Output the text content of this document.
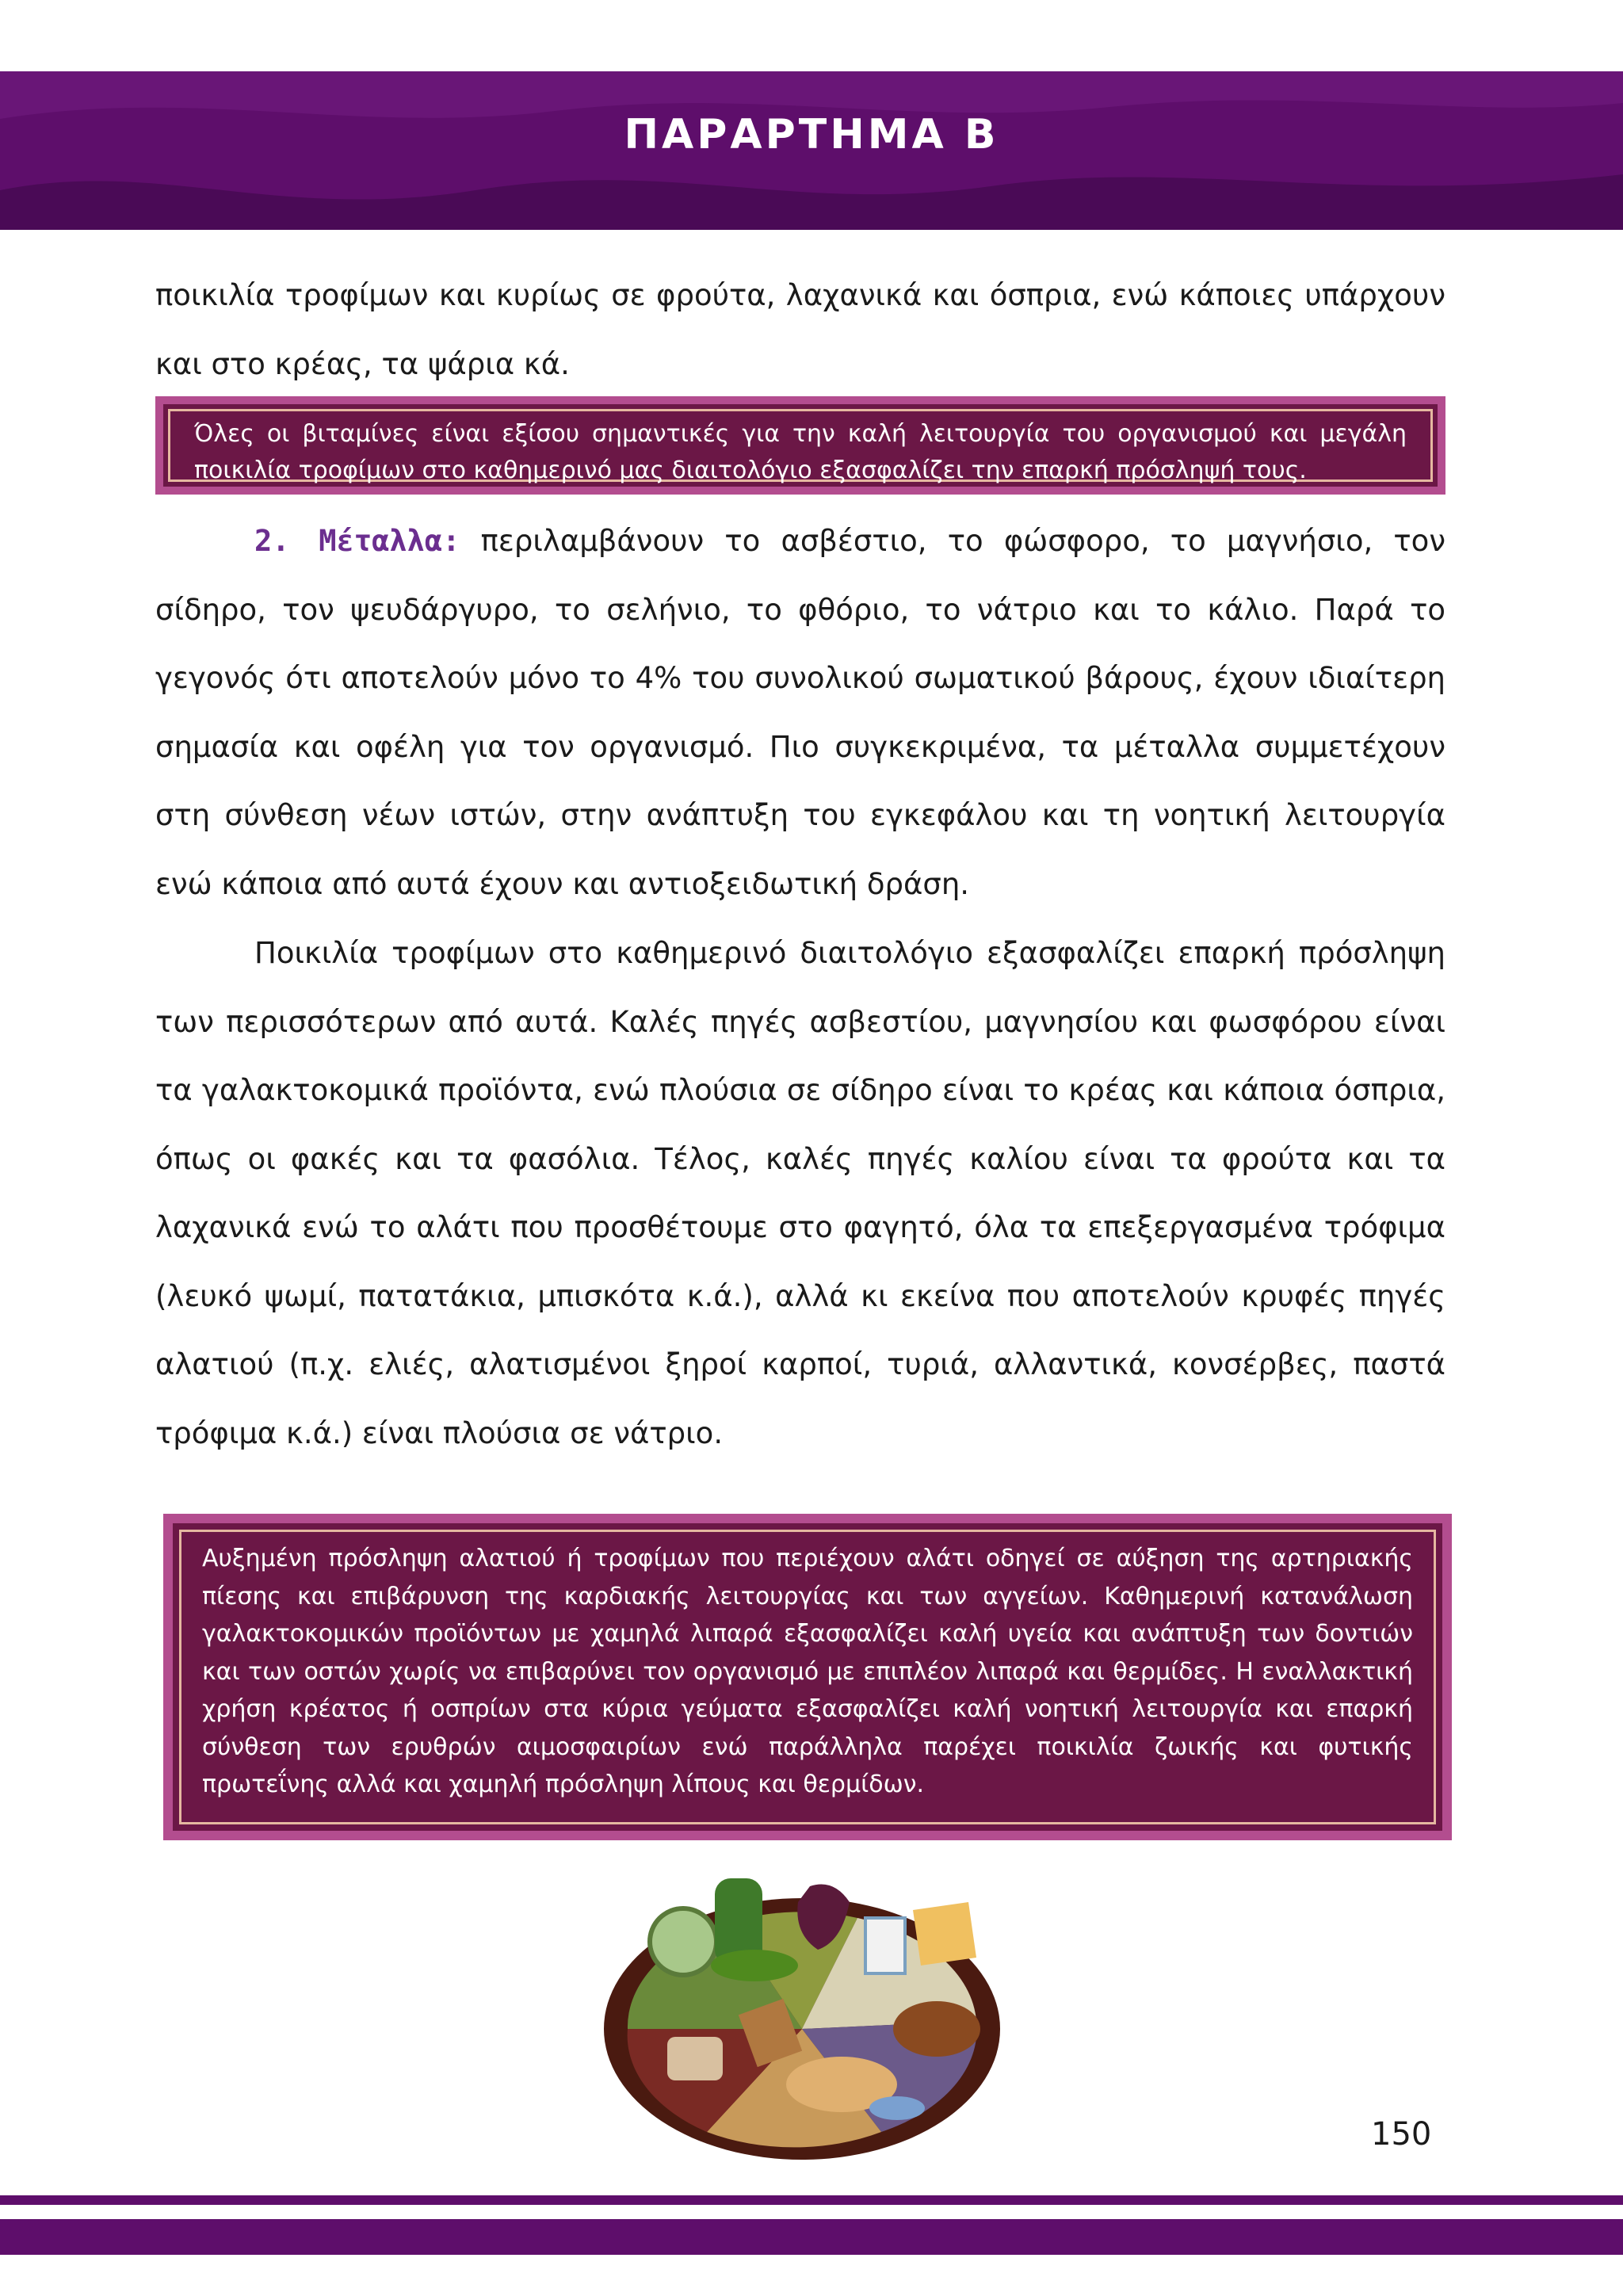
ΠΑΡΑΡΤΗΜΑ Β

ποικιλία τροφίμων και κυρίως σε φρούτα, λαχανικά και όσπρια, ενώ κάποιες υπάρχουν και στο κρέας, τα ψάρια κά.

Όλες οι βιταμίνες είναι εξίσου σημαντικές για την καλή λειτουργία του οργανισμού και μεγάλη ποικιλία τροφίμων στο καθημερινό μας διαιτολόγιο εξασφαλίζει την επαρκή πρόσληψή τους.

2. Μέταλλα: περιλαμβάνουν το ασβέστιο, το φώσφορο, το μαγνήσιο, τον σίδηρο, τον ψευδάργυρο, το σελήνιο, το φθόριο, το νάτριο και το κάλιο. Παρά το γεγονός ότι αποτελούν μόνο το 4% του συνολικού σωματικού βάρους, έχουν ιδιαίτερη σημασία και οφέλη για τον οργανισμό. Πιο συγκεκριμένα, τα μέταλλα συμμετέχουν στη σύνθεση νέων ιστών, στην ανάπτυξη του εγκεφάλου και τη νοητική λειτουργία ενώ κάποια από αυτά έχουν και αντιοξειδωτική δράση.

Ποικιλία τροφίμων στο καθημερινό διαιτολόγιο εξασφαλίζει επαρκή πρόσληψη των περισσότερων από αυτά. Καλές πηγές ασβεστίου, μαγνησίου και φωσφόρου είναι τα γαλακτοκομικά προϊόντα, ενώ πλούσια σε σίδηρο είναι το κρέας και κάποια όσπρια, όπως οι φακές και τα φασόλια. Τέλος, καλές πηγές καλίου είναι τα φρούτα και τα λαχανικά ενώ το αλάτι που προσθέτουμε στο φαγητό, όλα τα επεξεργασμένα τρόφιμα (λευκό ψωμί, πατατάκια, μπισκότα κ.ά.), αλλά κι εκείνα που αποτελούν κρυφές πηγές αλατιού (π.χ. ελιές, αλατισμένοι ξηροί καρποί, τυριά, αλλαντικά, κονσέρβες, παστά τρόφιμα κ.ά.) είναι πλούσια σε νάτριο.

Αυξημένη πρόσληψη αλατιού ή τροφίμων που περιέχουν αλάτι οδηγεί σε αύξηση της αρτηριακής πίεσης και επιβάρυνση της καρδιακής λειτουργίας και των αγγείων. Καθημερινή κατανάλωση γαλακτοκομικών προϊόντων με χαμηλά λιπαρά εξασφαλίζει καλή υγεία και ανάπτυξη των δοντιών και των οστών χωρίς να επιβαρύνει τον οργανισμό με επιπλέον λιπαρά και θερμίδες. Η εναλλακτική χρήση κρέατος ή οσπρίων στα κύρια γεύματα εξασφαλίζει καλή νοητική λειτουργία και επαρκή σύνθεση των ερυθρών αιμοσφαιρίων ενώ παράλληλα παρέχει ποικιλία ζωικής και φυτικής πρωτεΐνης αλλά και χαμηλή πρόσληψη λίπους και θερμίδων.
150
